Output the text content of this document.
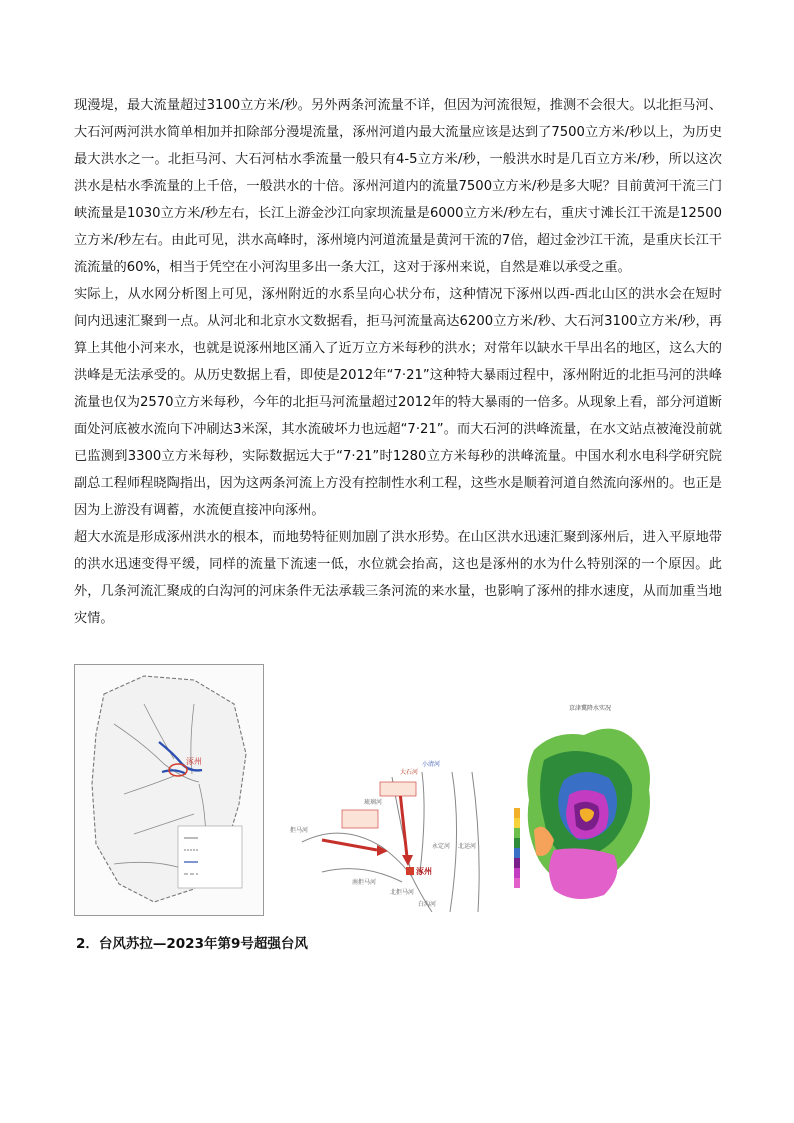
现漫堤，最大流量超过3100立方米/秒。另外两条河流量不详，但因为河流很短，推测不会很大。以北拒马河、大石河两河洪水简单相加并扣除部分漫堤流量，涿州河道内最大流量应该是达到了7500立方米/秒以上，为历史最大洪水之一。北拒马河、大石河枯水季流量一般只有4-5立方米/秒，一般洪水时是几百立方米/秒，所以这次洪水是枯水季流量的上千倍，一般洪水的十倍。涿州河道内的流量7500立方米/秒是多大呢？目前黄河干流三门峡流量是1030立方米/秒左右，长江上游金沙江向家坝流量是6000立方米/秒左右，重庆寸滩长江干流是12500立方米/秒左右。由此可见，洪水高峰时，涿州境内河道流量是黄河干流的7倍，超过金沙江干流，是重庆长江干流流量的60%，相当于凭空在小河沟里多出一条大江，这对于涿州来说，自然是难以承受之重。

实际上，从水网分析图上可见，涿州附近的水系呈向心状分布，这种情况下涿州以西-西北山区的洪水会在短时间内迅速汇聚到一点。从河北和北京水文数据看，拒马河流量高达6200立方米/秒、大石河3100立方米/秒，再算上其他小河来水，也就是说涿州地区涌入了近万立方米每秒的洪水；对常年以缺水干旱出名的地区，这么大的洪峰是无法承受的。从历史数据上看，即使是2012年“7·21”这种特大暴雨过程中，涿州附近的北拒马河的洪峰流量也仅为2570立方米每秒，今年的北拒马河流量超过2012年的特大暴雨的一倍多。从现象上看，部分河道断面处河底被水流向下冲刷达3米深，其水流破坏力也远超“7·21”。而大石河的洪峰流量，在水文站点被淹没前就已监测到3300立方米每秒，实际数据远大于“7·21”时1280立方米每秒的洪峰流量。中国水利水电科学研究院副总工程师程晓陶指出，因为这两条河流上方没有控制性水利工程，这些水是顺着河道自然流向涿州的。也正是因为上游没有调蓄，水流便直接冲向涿州。

超大水流是形成涿州洪水的根本，而地势特征则加剧了洪水形势。在山区洪水迅速汇聚到涿州后，进入平原地带的洪水迅速变得平缓，同样的流量下流速一低，水位就会抬高，这也是涿州的水为什么特别深的一个原因。此外，几条河流汇聚成的白沟河的河床条件无法承载三条河流的来水量，也影响了涿州的排水速度，从而加重当地灾情。

涿州
涿州
拒马河
大石河
小清河
南拒马河
北拒马河
白沟河
永定河 北运河
琉璃河
京津冀降水实况
2．台风苏拉—2023年第9号超强台风
